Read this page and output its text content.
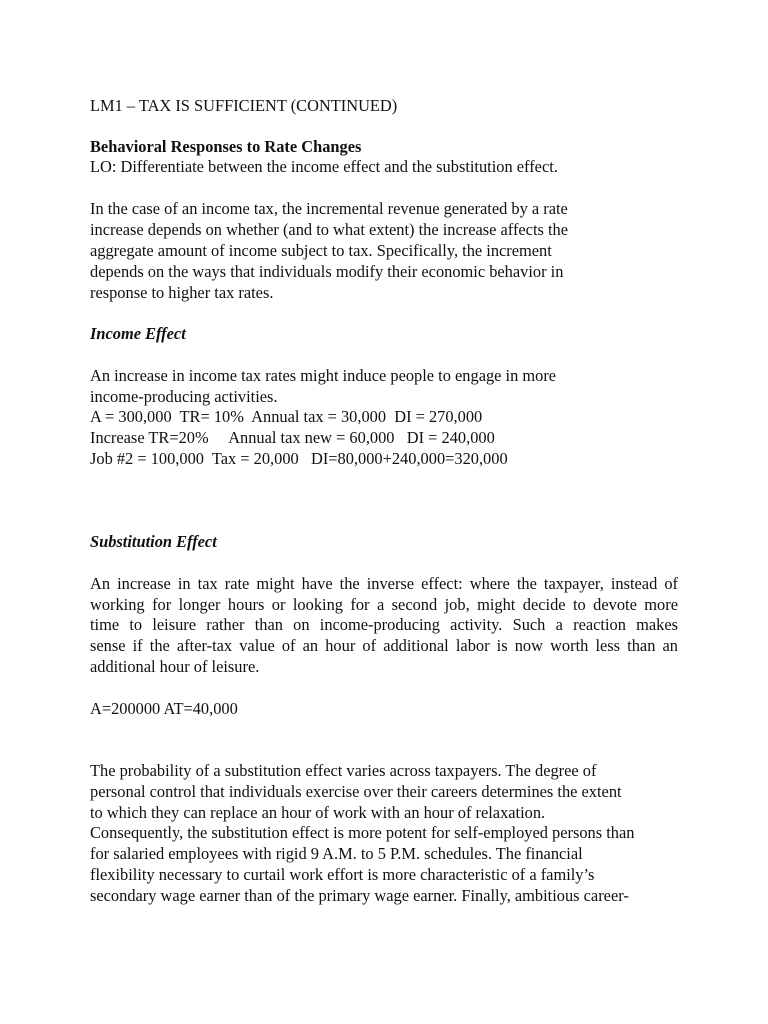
LM1 – TAX IS SUFFICIENT (CONTINUED)
Behavioral Responses to Rate Changes
LO: Differentiate between the income effect and the substitution effect.
In the case of an income tax, the incremental revenue generated by a rate
increase depends on whether (and to what extent) the increase affects the
aggregate amount of income subject to tax. Specifically, the increment
depends on the ways that individuals modify their economic behavior in
response to higher tax rates.
Income Effect
An increase in income tax rates might induce people to engage in more
income-producing activities.
A = 300,000  TR= 10%  Annual tax = 30,000  DI = 270,000
Increase TR=20%     Annual tax new = 60,000   DI = 240,000
Job #2 = 100,000  Tax = 20,000   DI=80,000+240,000=320,000
Substitution Effect
An increase in tax rate might have the inverse effect: where the taxpayer, instead of
working for longer hours or looking for a second job, might decide to devote more
time to leisure rather than on income-producing activity. Such a reaction makes
sense if the after-tax value of an hour of additional labor is now worth less than an
additional hour of leisure.
A=200000 AT=40,000
The probability of a substitution effect varies across taxpayers. The degree of
personal control that individuals exercise over their careers determines the extent
to which they can replace an hour of work with an hour of relaxation.
Consequently, the substitution effect is more potent for self-employed persons than
for salaried employees with rigid 9 A.M. to 5 P.M. schedules. The financial
flexibility necessary to curtail work effort is more characteristic of a family’s
secondary wage earner than of the primary wage earner. Finally, ambitious career-
